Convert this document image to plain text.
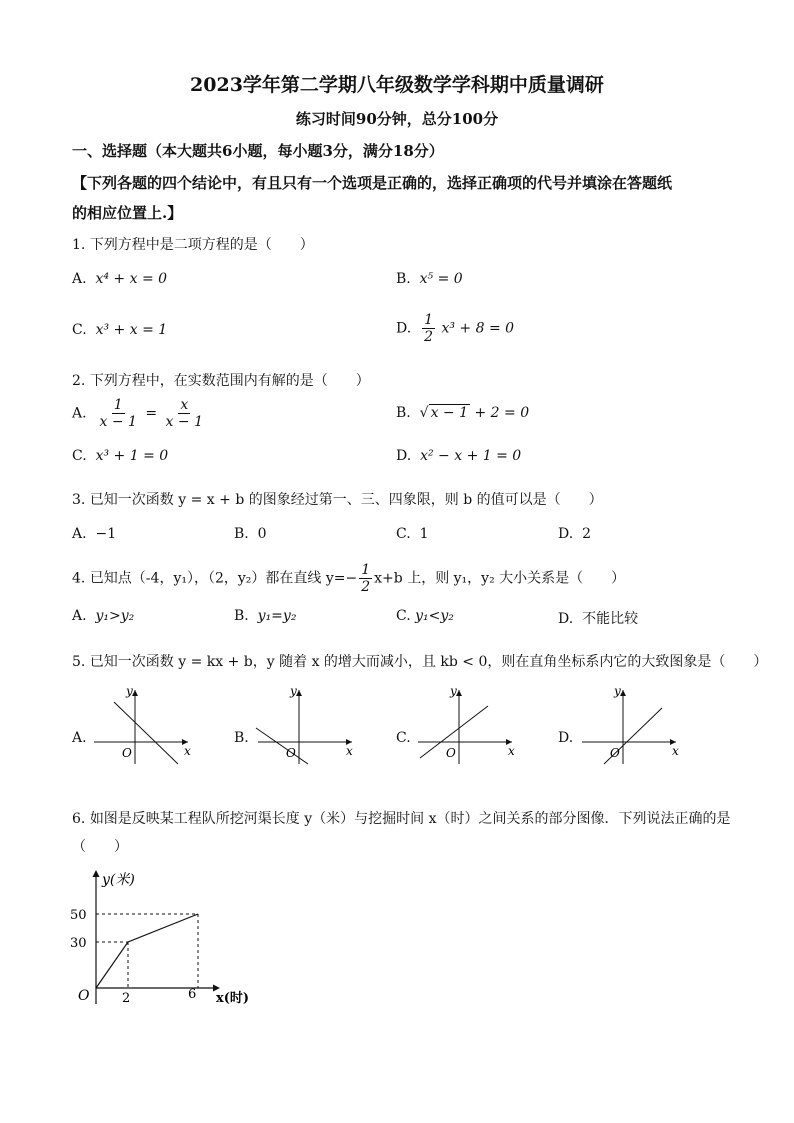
2023学年第二学期八年级数学学科期中质量调研
练习时间90分钟，总分100分
一、选择题（本大题共6小题，每小题3分，满分18分）
【下列各题的四个结论中，有且只有一个选项是正确的，选择正确项的代号并填涂在答题纸
的相应位置上.】
1. 下列方程中是二项方程的是（　　）
A. x⁴ + x = 0	B. x⁵ = 0
C. x³ + x = 1	D. $\frac{1}{2} x^3 + 8 = 0$
2. 下列方程中，在实数范围内有解的是（　　）
A. $\frac{1}{x - 1} = \frac{x}{x - 1}$	B. √ x − 1 + 2 = 0
C. x³ + 1 = 0	D. x² − x + 1 = 0
3. 已知一次函数 y = x + b 的图象经过第一、三、四象限，则 b 的值可以是（　　）
A. −1	B. 0	C. 1	D. 2
4. 已知点（-4，y₁），（2，y₂）都在直线 $y=- \frac{1}{2} x+b$ 上，则 y₁，y₂ 大小关系是（　　）
A. y₁>y₂	B. y₁=y₂	C. y₁<y₂	D. 不能比较
5. 已知一次函数 y = kx + b，y 随着 x 的增大而减小，且 kb < 0，则在直角坐标系内它的大致图象是（　　）
A.
x
y
O
B.
x
y
O
C.
x
y
O
D.
x
y
O
6. 如图是反映某工程队所挖河渠长度 y（米）与挖掘时间 x（时）之间关系的部分图像．下列说法正确的是
（　　）
y(米)
50
30
2	6
O	x(时)
